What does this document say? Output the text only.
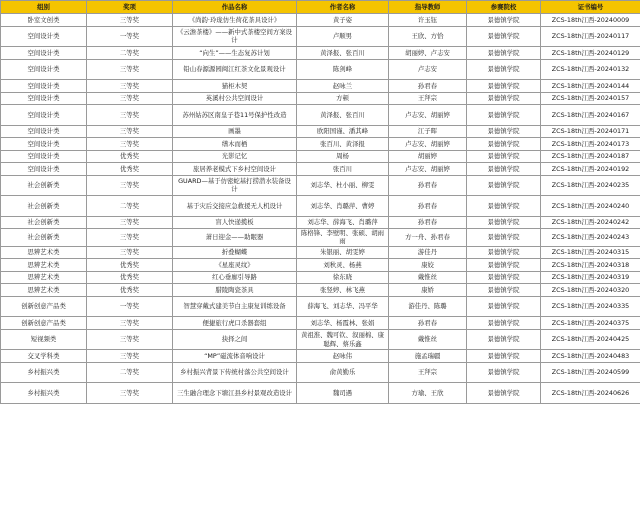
组别	奖项	作品名称	作者名称	指导教师	参赛院校	证书编号
卧室文创类	三等奖	《尚韵·玲珑仿生荷花茶具设计》	黄子姿	许玉钰	景德镇学院	ZCS-18th江西-20240009
空间设计类	一等奖	《云澹茶楼》——新中式茶楼空间方案设计	卢顺男	王欣、方恰	景德镇学院	ZCS-18th江西-20240117
空间设计类	二等奖	“向生”——生态复苏计划	黄泽报、张百川	胡丽婷、卢志安	景德镇学院	ZCS-18th江西-20240129
空间设计类	三等奖	铅山春源源园闽江红茶文化景观设计	陈剑峰	卢志安	景德镇学院	ZCS-18th江西-20240132
空间设计类	三等奖	猫柜木契	赵咏兰	孙君春	景德镇学院	ZCS-18th江西-20240144
空间设计类	三等奖	英溪村公共空间设计	方顿	王拜宗	景德镇学院	ZCS-18th江西-20240157
空间设计类	三等奖	苏州姑苏区南皇子巷11号保护性改造	黄泽报、张百川	卢志安、胡丽婷	景德镇学院	ZCS-18th江西-20240167
空间设计类	三等奖	画墨	欧阳国谨、潘其峰	江子晖	景德镇学院	ZCS-18th江西-20240171
空间设计类	三等奖	缮木而栖	张百川、黄泽报	卢志安、胡丽婷	景德镇学院	ZCS-18th江西-20240173
空间设计类	优秀奖	光影记忆	周杨	胡丽婷	景德镇学院	ZCS-18th江西-20240187
空间设计类	优秀奖	旅居养老模式下乡村空间设计	张百川	卢志安、胡丽婷	景德镇学院	ZCS-18th江西-20240192
社会创新类	三等奖	GUARD—基于仿密蛇基打捞潜水装备设计	刘志华、杜小丽、柳雯	孙君春	景德镇学院	ZCS-18th江西-20240235
社会创新类	二等奖	基于灾后交接应急救援无人机设计	刘志华、肖璐萍、曹婷	孙君春	景德镇学院	ZCS-18th江西-20240240
社会创新类	三等奖	盲人快递揽板	刘志华、薛海飞、肖璐萍	孙君春	景德镇学院	ZCS-18th江西-20240242
社会创新类	三等奖	萧日迎金——助眠器	陈格锋、李壁明、张硕、胡雨雨	方一舟、孙君春	景德镇学院	ZCS-18th江西-20240243
思辨艺术类	三等奖	折叠蝴蝶	朱银丽、胡雯婷	游佳丹	景德镇学院	ZCS-18th江西-20240315
思辨艺术类	优秀奖	《星座灵纹》	刘秋灵、杨燕	康姣	景德镇学院	ZCS-18th江西-20240318
思辨艺术类	优秀奖	红心垂廊引导路	徐东晓	戴惟丝	景德镇学院	ZCS-18th江西-20240319
思辨艺术类	优秀奖	腊陵陶瓷茶具	张竖婷、林飞燕	康娇	景德镇学院	ZCS-18th江西-20240320
创新创意产品类	一等奖	智慧穿戴式建美节白主康复训练设备	薛海飞、刘志华、冯平华	游佳丹、陈璐	景德镇学院	ZCS-18th江西-20240335
创新创意产品类	三等奖	便捷旅行虎口杀器套组	刘志华、杨霞林、张娟	孙君春	景德镇学院	ZCS-18th江西-20240375
短视频类	三等奖	抉择之间	黄祖淮、魏可钦、叙丽棉、康聪辉、蔡乐鑫	戴惟丝	景德镇学院	ZCS-18th江西-20240425
交叉学科类	三等奖	“MP”磁流体音响设计	赵咏伟	施孟瑞疆	景德镇学院	ZCS-18th江西-20240483
乡村振兴类	二等奖	乡村振兴背景下传统村落公共空间设计	俞黄勤乐	王拜宗	景德镇学院	ZCS-18th江西-20240599
乡村振兴类	三等奖	三生融合理念下塘江县乡村景观改造设计	魏司遇	方瑜、王欣	景德镇学院	ZCS-18th江西-20240626
